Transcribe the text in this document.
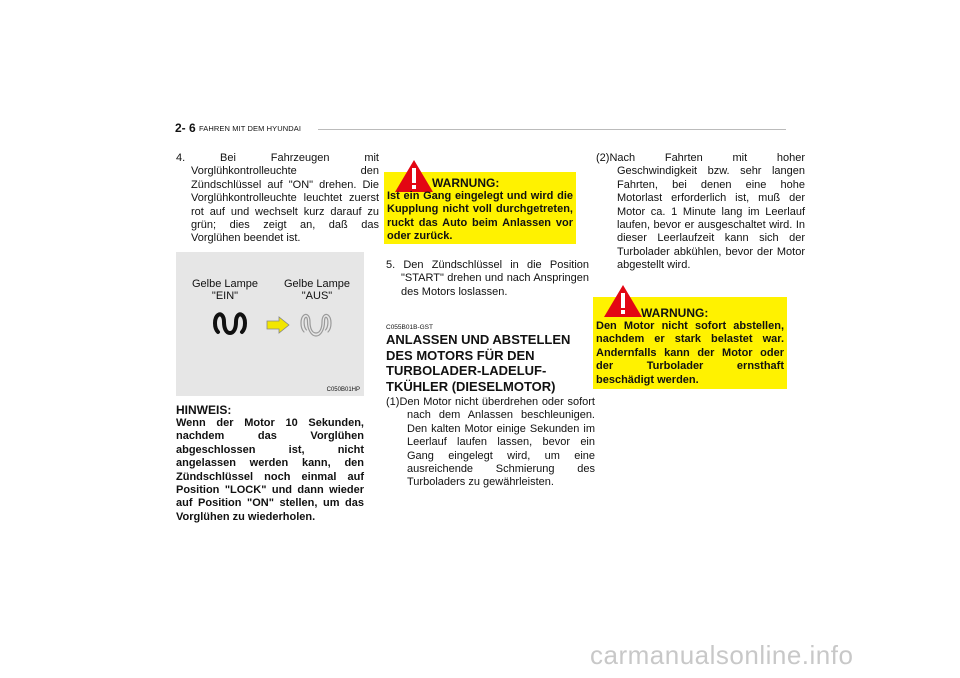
2- 6 FAHREN MIT DEM HYUNDAI
4. Bei Fahrzeugen mit Vorglühkontrolleuchte den Zündschlüssel auf "ON" drehen. Die Vorglühkontrolleuchte leuchtet zuerst rot auf und wechselt kurz darauf zu grün; dies zeigt an, daß das Vorglühen beendet ist.
Gelbe Lampe
"EIN"
Gelbe Lampe
"AUS"
C050B01HP
HINWEIS:
Wenn der Motor 10 Sekunden, nachdem das Vorglühen abgeschlossen ist, nicht angelassen werden kann, den Zündschlüssel noch einmal auf Position "LOCK" und dann wieder auf Position "ON" stellen, um das Vorglühen zu wiederholen.
WARNUNG:
Ist ein Gang eingelegt und wird die Kupplung nicht voll durchgetreten, ruckt das Auto beim Anlassen vor oder zurück.
5. Den Zündschlüssel in die Position "START" drehen und nach Anspringen des Motors loslassen.
C055B01B-GST
ANLASSEN UND ABSTELLEN DES MOTORS FÜR DEN TURBOLADER-LADELUF-TKÜHLER (DIESELMOTOR)
(1)Den Motor nicht überdrehen oder sofort nach dem Anlassen beschleunigen. Den kalten Motor einige Sekunden im Leerlauf laufen lassen, bevor ein Gang eingelegt wird, um eine ausreichende Schmierung des Turboladers zu gewährleisten.
(2)Nach Fahrten mit hoher Geschwindigkeit bzw. sehr langen Fahrten, bei denen eine hohe Motorlast erforderlich ist, muß der Motor ca. 1 Minute lang im Leerlauf laufen, bevor er ausgeschaltet wird. In dieser Leerlaufzeit kann sich der Turbolader abkühlen, bevor der Motor abgestellt wird.
WARNUNG:
Den Motor nicht sofort abstellen, nachdem er stark belastet war. Andernfalls kann der Motor oder der Turbolader ernsthaft beschädigt werden.
carmanualsonline.info
